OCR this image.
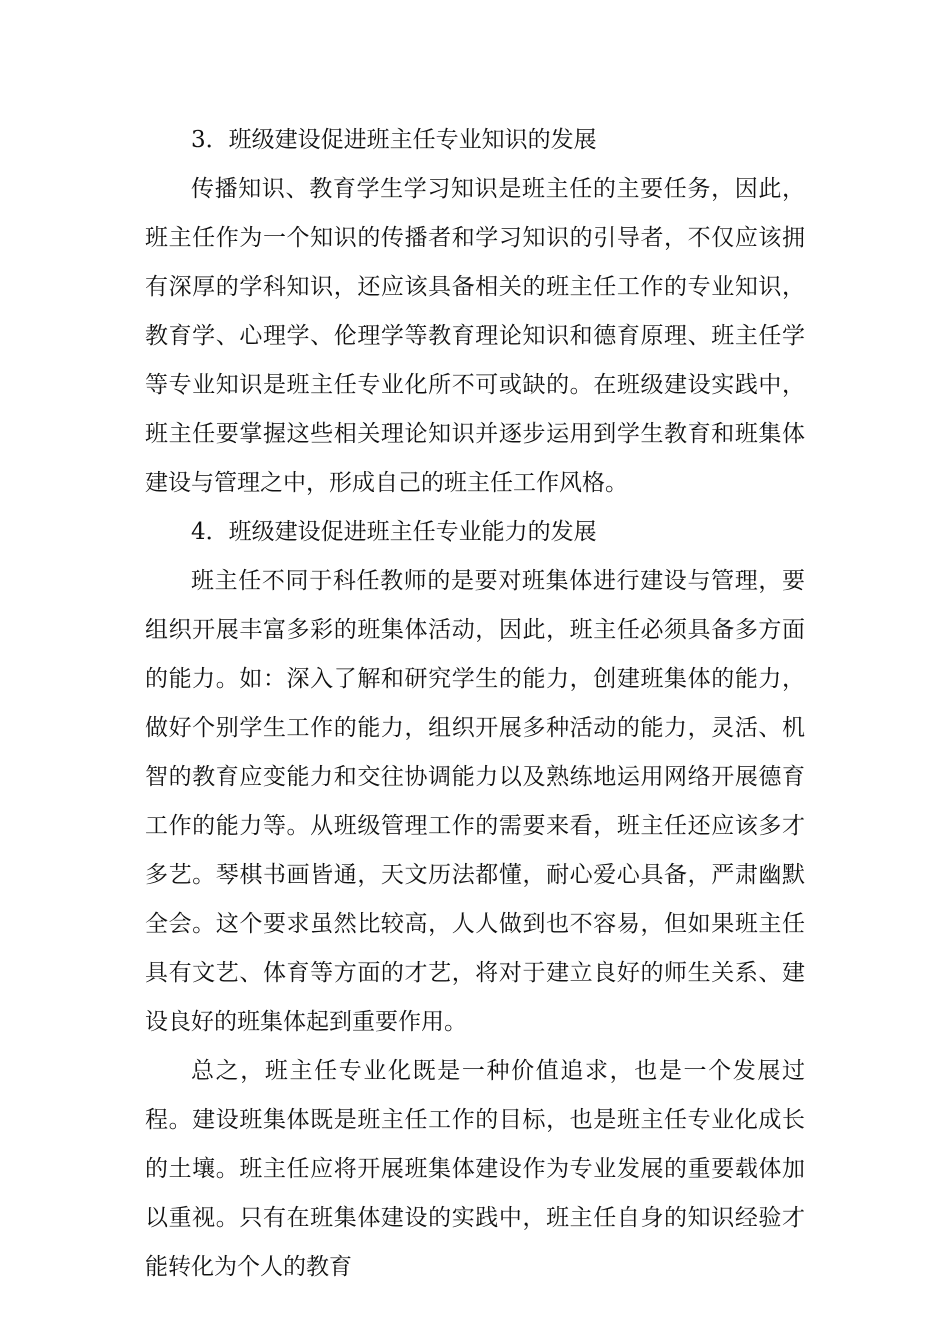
3．班级建设促进班主任专业知识的发展

传播知识、教育学生学习知识是班主任的主要任务，因此，班主任作为一个知识的传播者和学习知识的引导者，不仅应该拥有深厚的学科知识，还应该具备相关的班主任工作的专业知识，教育学、心理学、伦理学等教育理论知识和德育原理、班主任学等专业知识是班主任专业化所不可或缺的。在班级建设实践中，班主任要掌握这些相关理论知识并逐步运用到学生教育和班集体建设与管理之中，形成自己的班主任工作风格。

4．班级建设促进班主任专业能力的发展

班主任不同于科任教师的是要对班集体进行建设与管理，要组织开展丰富多彩的班集体活动，因此，班主任必须具备多方面的能力。如：深入了解和研究学生的能力，创建班集体的能力，做好个别学生工作的能力，组织开展多种活动的能力，灵活、机智的教育应变能力和交往协调能力以及熟练地运用网络开展德育工作的能力等。从班级管理工作的需要来看，班主任还应该多才多艺。琴棋书画皆通，天文历法都懂，耐心爱心具备，严肃幽默全会。这个要求虽然比较高，人人做到也不容易，但如果班主任具有文艺、体育等方面的才艺，将对于建立良好的师生关系、建设良好的班集体起到重要作用。

总之，班主任专业化既是一种价值追求，也是一个发展过程。建设班集体既是班主任工作的目标，也是班主任专业化成长的土壤。班主任应将开展班集体建设作为专业发展的重要载体加以重视。只有在班集体建设的实践中，班主任自身的知识经验才能转化为个人的教育
